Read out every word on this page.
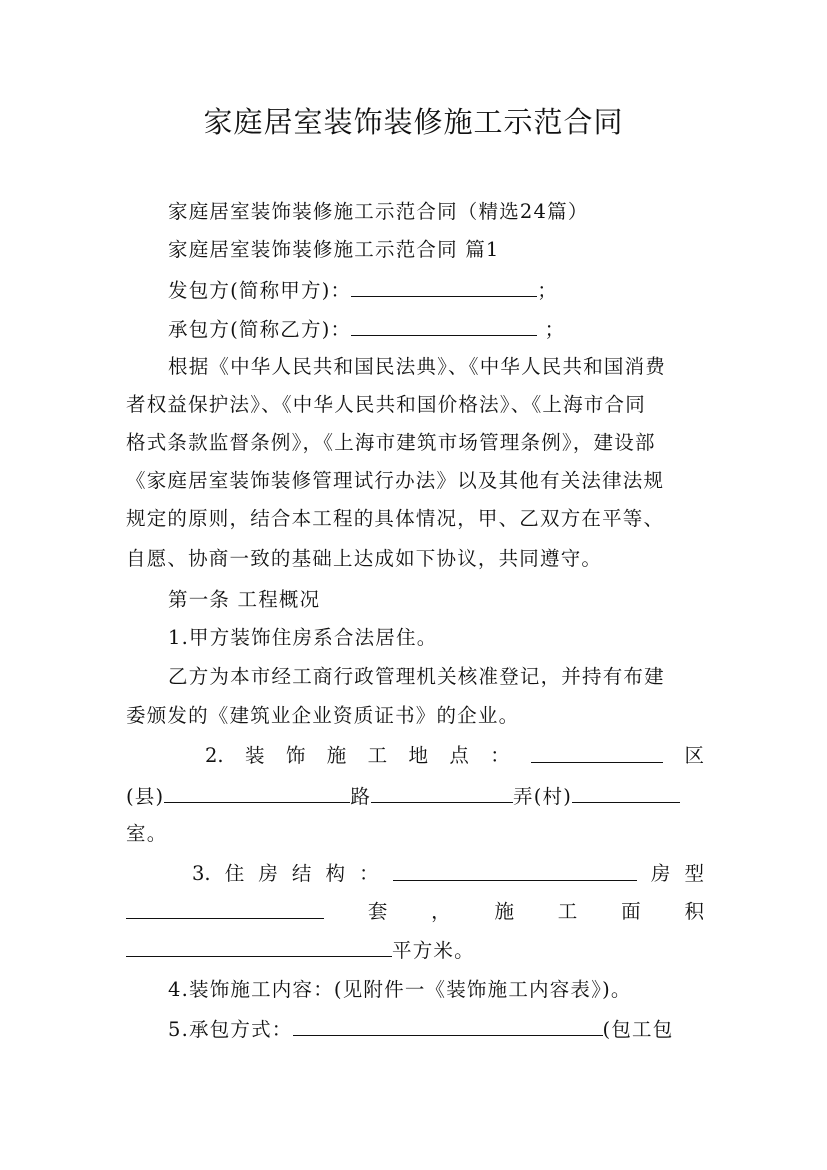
家庭居室装饰装修施工示范合同
家庭居室装饰装修施工示范合同（精选24篇）
家庭居室装饰装修施工示范合同 篇1
发包方(简称甲方)：	；
承包方(简称乙方)：	；
根据《中华人民共和国民法典》、《中华人民共和国消费
者权益保护法》、《中华人民共和国价格法》、《上海市合同
格式条款监督条例》，《上海市建筑市场管理条例》，建设部
《家庭居室装饰装修管理试行办法》以及其他有关法律法规
规定的原则，结合本工程的具体情况，甲、乙双方在平等、
自愿、协商一致的基础上达成如下协议，共同遵守。
第一条 工程概况
1.甲方装饰住房系合法居住。
乙方为本市经工商行政管理机关核准登记，并持有布建
委颁发的《建筑业企业资质证书》的企业。
2. 装 饰 施 工 地 点 ：	区
(县)	路	弄(村)
室。
3. 住 房 结 构 ：	房 型
套 ， 施 工 面 积
平方米。
4.装饰施工内容：(见附件一《装饰施工内容表》)。
5.承包方式：	(包工包
